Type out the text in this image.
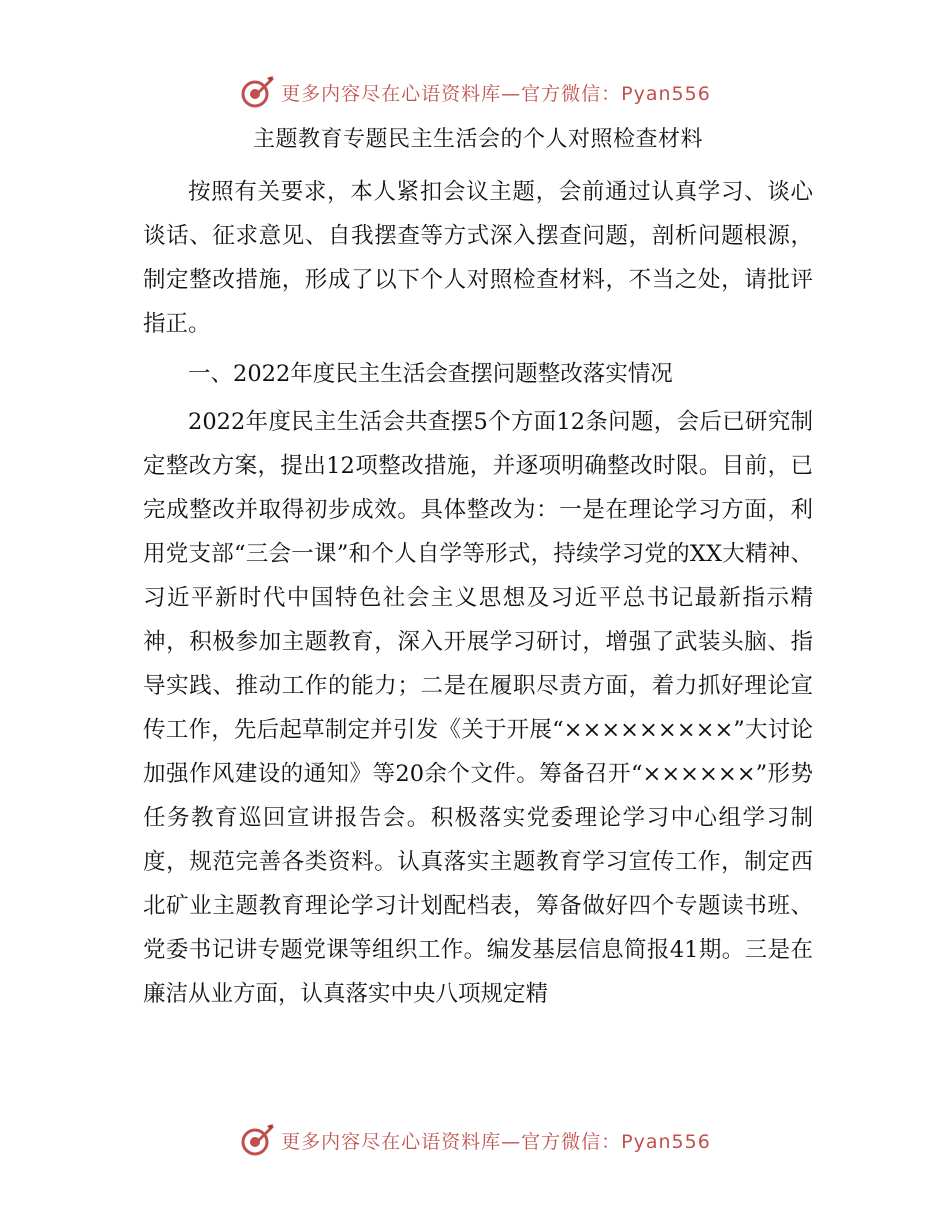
更多内容尽在心语资料库—官方微信：Pyan556
主题教育专题民主生活会的个人对照检查材料

按照有关要求，本人紧扣会议主题，会前通过认真学习、谈心谈话、征求意见、自我摆查等方式深入摆查问题，剖析问题根源，制定整改措施，形成了以下个人对照检查材料，不当之处，请批评指正。

一、2022年度民主生活会查摆问题整改落实情况

2022年度民主生活会共查摆5个方面12条问题，会后已研究制定整改方案，提出12项整改措施，并逐项明确整改时限。目前，已完成整改并取得初步成效。具体整改为：一是在理论学习方面，利用党支部“三会一课”和个人自学等形式，持续学习党的XX大精神、习近平新时代中国特色社会主义思想及习近平总书记最新指示精神，积极参加主题教育，深入开展学习研讨，增强了武装头脑、指导实践、推动工作的能力；二是在履职尽责方面，着力抓好理论宣传工作，先后起草制定并引发《关于开展“×××××××××”大讨论加强作风建设的通知》等20余个文件。筹备召开“××××××”形势任务教育巡回宣讲报告会。积极落实党委理论学习中心组学习制度，规范完善各类资料。认真落实主题教育学习宣传工作，制定西北矿业主题教育理论学习计划配档表，筹备做好四个专题读书班、党委书记讲专题党课等组织工作。编发基层信息简报41期。三是在廉洁从业方面，认真落实中央八项规定精

更多内容尽在心语资料库—官方微信：Pyan556
